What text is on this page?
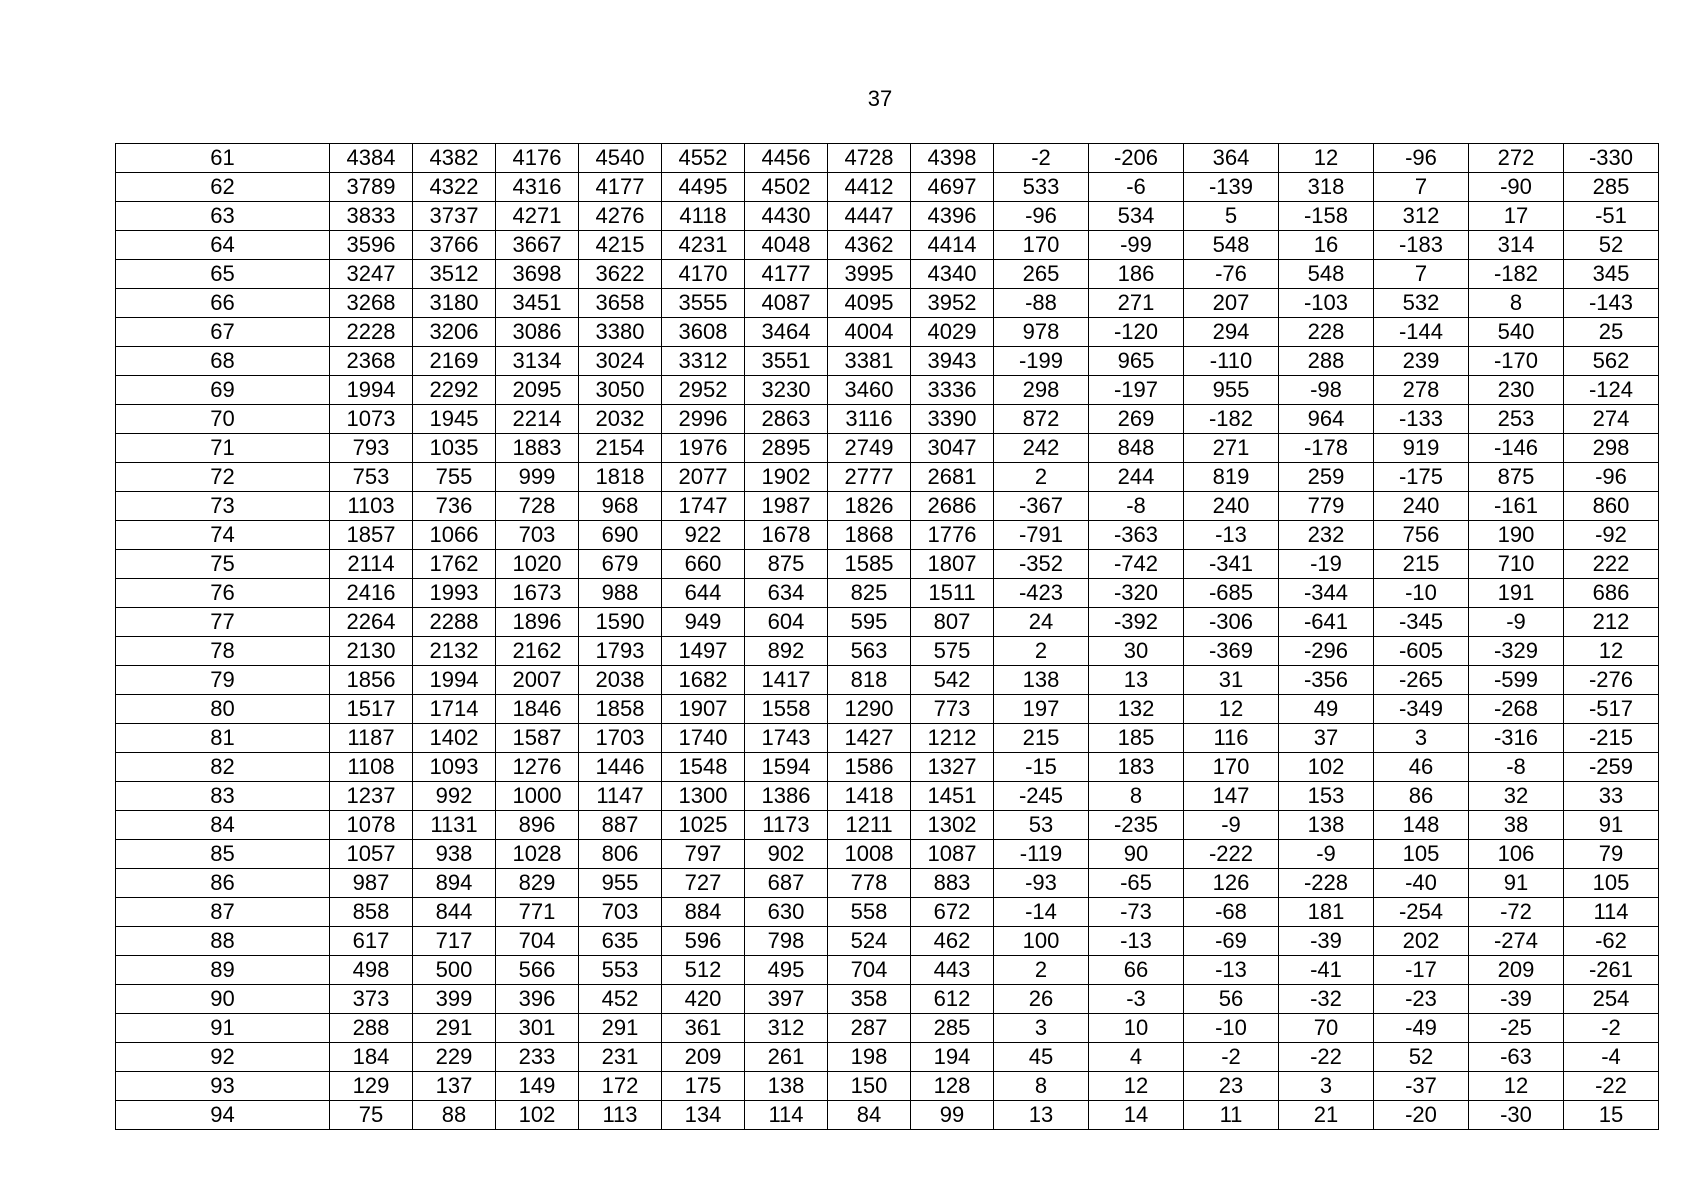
37
61	4384	4382	4176	4540	4552	4456	4728	4398	-2	-206	364	12	-96	272	-330
62	3789	4322	4316	4177	4495	4502	4412	4697	533	-6	-139	318	7	-90	285
63	3833	3737	4271	4276	4118	4430	4447	4396	-96	534	5	-158	312	17	-51
64	3596	3766	3667	4215	4231	4048	4362	4414	170	-99	548	16	-183	314	52
65	3247	3512	3698	3622	4170	4177	3995	4340	265	186	-76	548	7	-182	345
66	3268	3180	3451	3658	3555	4087	4095	3952	-88	271	207	-103	532	8	-143
67	2228	3206	3086	3380	3608	3464	4004	4029	978	-120	294	228	-144	540	25
68	2368	2169	3134	3024	3312	3551	3381	3943	-199	965	-110	288	239	-170	562
69	1994	2292	2095	3050	2952	3230	3460	3336	298	-197	955	-98	278	230	-124
70	1073	1945	2214	2032	2996	2863	3116	3390	872	269	-182	964	-133	253	274
71	793	1035	1883	2154	1976	2895	2749	3047	242	848	271	-178	919	-146	298
72	753	755	999	1818	2077	1902	2777	2681	2	244	819	259	-175	875	-96
73	1103	736	728	968	1747	1987	1826	2686	-367	-8	240	779	240	-161	860
74	1857	1066	703	690	922	1678	1868	1776	-791	-363	-13	232	756	190	-92
75	2114	1762	1020	679	660	875	1585	1807	-352	-742	-341	-19	215	710	222
76	2416	1993	1673	988	644	634	825	1511	-423	-320	-685	-344	-10	191	686
77	2264	2288	1896	1590	949	604	595	807	24	-392	-306	-641	-345	-9	212
78	2130	2132	2162	1793	1497	892	563	575	2	30	-369	-296	-605	-329	12
79	1856	1994	2007	2038	1682	1417	818	542	138	13	31	-356	-265	-599	-276
80	1517	1714	1846	1858	1907	1558	1290	773	197	132	12	49	-349	-268	-517
81	1187	1402	1587	1703	1740	1743	1427	1212	215	185	116	37	3	-316	-215
82	1108	1093	1276	1446	1548	1594	1586	1327	-15	183	170	102	46	-8	-259
83	1237	992	1000	1147	1300	1386	1418	1451	-245	8	147	153	86	32	33
84	1078	1131	896	887	1025	1173	1211	1302	53	-235	-9	138	148	38	91
85	1057	938	1028	806	797	902	1008	1087	-119	90	-222	-9	105	106	79
86	987	894	829	955	727	687	778	883	-93	-65	126	-228	-40	91	105
87	858	844	771	703	884	630	558	672	-14	-73	-68	181	-254	-72	114
88	617	717	704	635	596	798	524	462	100	-13	-69	-39	202	-274	-62
89	498	500	566	553	512	495	704	443	2	66	-13	-41	-17	209	-261
90	373	399	396	452	420	397	358	612	26	-3	56	-32	-23	-39	254
91	288	291	301	291	361	312	287	285	3	10	-10	70	-49	-25	-2
92	184	229	233	231	209	261	198	194	45	4	-2	-22	52	-63	-4
93	129	137	149	172	175	138	150	128	8	12	23	3	-37	12	-22
94	75	88	102	113	134	114	84	99	13	14	11	21	-20	-30	15
